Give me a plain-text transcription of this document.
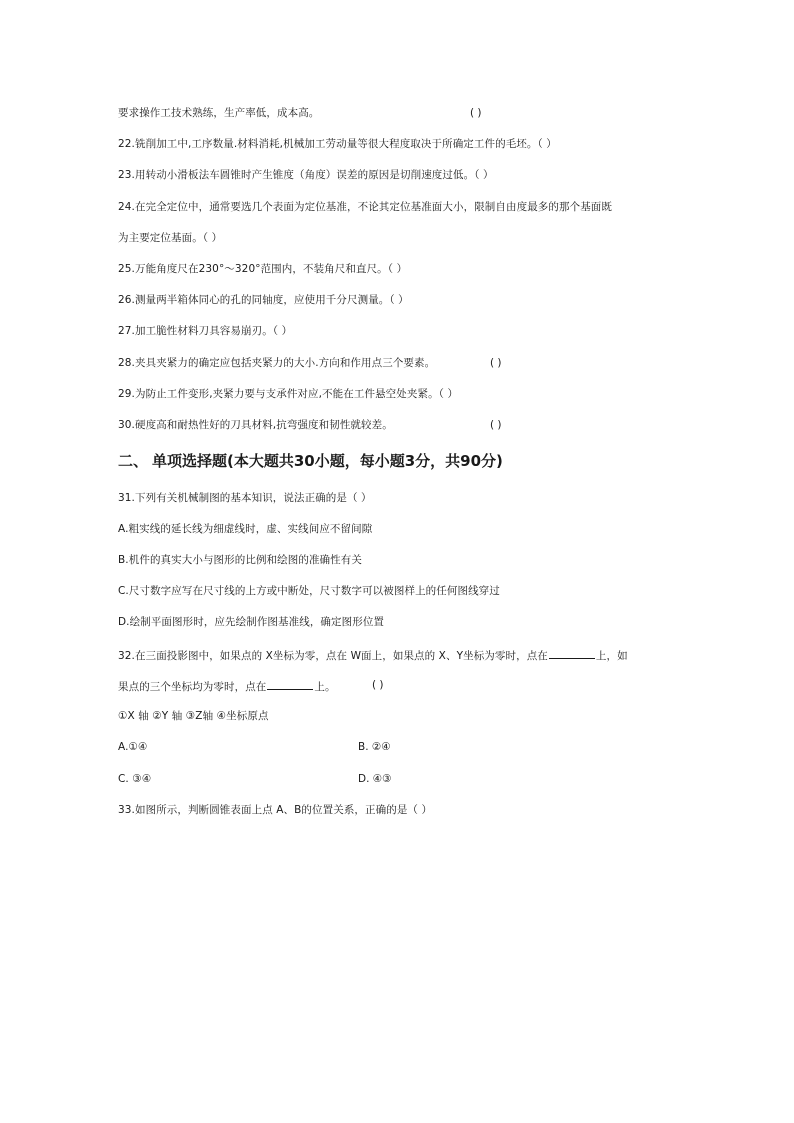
要求操作工技术熟练，生产率低，成本高。	( )
22.铣削加工中,工序数量.材料消耗,机械加工劳动量等很大程度取决于所确定工件的毛坯。（ ）
23.用转动小滑板法车圆锥时产生锥度（角度）误差的原因是切削速度过低。（ ）
24.在完全定位中，通常要选几个表面为定位基准，不论其定位基准面大小，限制自由度最多的那个基面既
为主要定位基面。（ ）
25.万能角度尺在230°～320°范围内，不装角尺和直尺。（ ）
26.测量两半箱体同心的孔的同轴度，应使用千分尺测量。（ ）
27.加工脆性材料刀具容易崩刃。（ ）
28.夹具夹紧力的确定应包括夹紧力的大小.方向和作用点三个要素。	( )
29.为防止工件变形,夹紧力要与支承件对应,不能在工件悬空处夹紧。（ ）
30.硬度高和耐热性好的刀具材料,抗弯强度和韧性就较差。	( )
二、 单项选择题(本大题共30小题，每小题3分，共90分)
31.下列有关机械制图的基本知识，说法正确的是（ ）
A.粗实线的延长线为细虚线时，虚、实线间应不留间隙
B.机件的真实大小与图形的比例和绘图的准确性有关
C.尺寸数字应写在尺寸线的上方或中断处，尺寸数字可以被图样上的任何图线穿过
D.绘制平面图形时，应先绘制作图基准线，确定图形位置
32.在三面投影图中，如果点的 X坐标为零，点在 W面上，如果点的 X、Y坐标为零时，点在	上，如
果点的三个坐标均为零时，点在	上。	( )
①X 轴 ②Y 轴 ③Z轴 ④坐标原点
A.①④	B. ②④
C. ③④	D. ④③
33.如图所示，判断圆锥表面上点 A、B的位置关系，正确的是（ ）
